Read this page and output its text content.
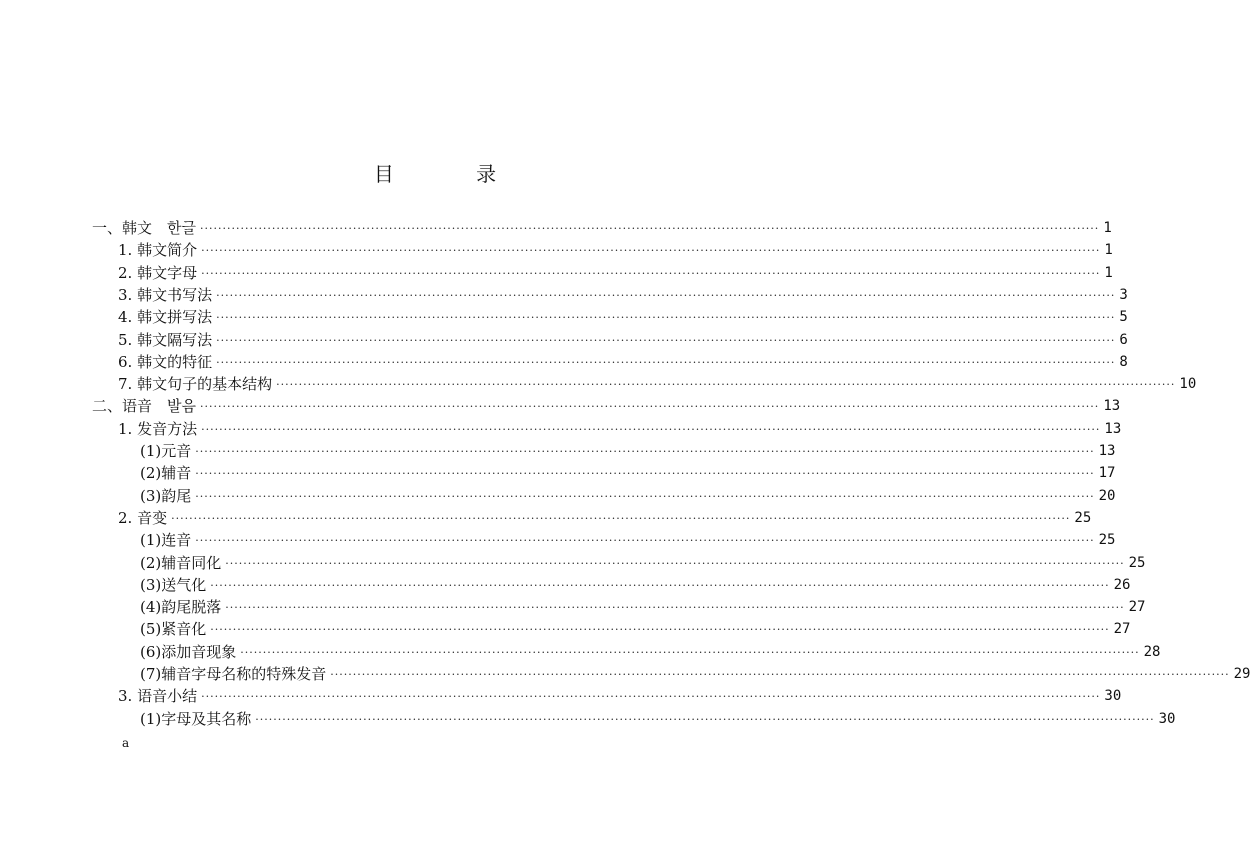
目 录
一、韩文　한글 ········································································································································································································ 1
1. 韩文简介 ········································································································································································································ 1
2. 韩文字母 ········································································································································································································ 1
3. 韩文书写法 ········································································································································································································ 3
4. 韩文拼写法 ········································································································································································································ 5
5. 韩文隔写法 ········································································································································································································ 6
6. 韩文的特征 ········································································································································································································ 8
7. 韩文句子的基本结构 ········································································································································································································ 10
二、语音　발음 ········································································································································································································ 13
1. 发音方法 ········································································································································································································ 13
(1)元音 ········································································································································································································ 13
(2)辅音 ········································································································································································································ 17
(3)韵尾 ········································································································································································································ 20
2. 音变 ········································································································································································································ 25
(1)连音 ········································································································································································································ 25
(2)辅音同化 ········································································································································································································ 25
(3)送气化 ········································································································································································································ 26
(4)韵尾脱落 ········································································································································································································ 27
(5)紧音化 ········································································································································································································ 27
(6)添加音现象 ········································································································································································································ 28
(7)辅音字母名称的特殊发音 ········································································································································································································ 29
3. 语音小结 ········································································································································································································ 30
(1)字母及其名称 ········································································································································································································ 30
a
